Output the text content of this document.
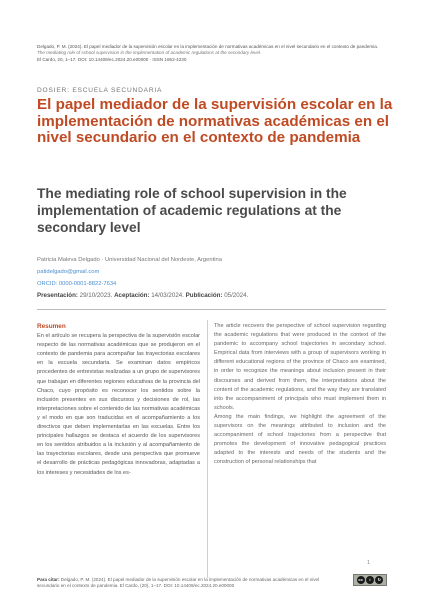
Delgado, P. M. (2024). El papel mediador de la supervisión escolar en la implementación de normativas académicas en el nivel secundario en el contexto de pandemia.
The mediating role of school supervision in the implementation of academic regulations at the secondary level.
El Cardo, 20, 1–17. DOI: 10.14409/ec.2024.20.e00000 · ISSN 1852-4230
DOSIER: ESCUELA SECUNDARIA
El papel mediador de la supervisión escolar en la implementación de normativas académicas en el nivel secundario en el contexto de pandemia
The mediating role of school supervision in the implementation of academic regulations at the secondary level
Patricia Maleva Delgado · Universidad Nacional del Nordeste, Argentina
patidelgado@gmail.com
ORCID: 0000-0001-8822-7634
Presentación: 29/10/2023. Aceptación: 14/03/2024. Publicación: 05/2024.
Resumen

En el artículo se recupera la perspectiva de la supervisión escolar respecto de las normativas académicas que se produjeron en el contexto de pandemia para acompañar las trayectorias escolares en la escuela secundaria. Se examinan datos empíricos procedentes de entrevistas realizadas a un grupo de supervisores que trabajan en diferentes regiones educativas de la provincia del Chaco, cuyo propósito es reconocer los sentidos sobre la inclusión presentes en sus discursos y decisiones de rol, las interpretaciones sobre el contenido de las normativas académicas y el modo en que son traducidas en el acompañamiento a los directivos que deben implementarlas en las escuelas. Entre los principales hallazgos se destaca el acuerdo de los supervisores en los sentidos atribuidos a la inclusión y al acompañamiento de las trayectorias escolares, desde una perspectiva que promueve el desarrollo de prácticas pedagógicas innovadoras, adaptadas a los intereses y necesidades de los es-

The article recovers the perspective of school supervision regarding the academic regulations that were produced in the context of the pandemic to accompany school trajectories in secondary school. Empirical data from interviews with a group of supervisors working in different educational regions of the province of Chaco are examined, in order to recognize the meanings about inclusion present in their discourses and derived from them, the interpretations about the content of the academic regulations, and the way they are translated into the accompaniment of principals who must implement them in schools.

Among the main findings, we highlight the agreement of the supervisors on the meanings attributed to inclusion and the accompaniment of school trajectories from a perspective that promotes the development of innovative pedagogical practices adapted to the interests and needs of the students and the construction of personal relationships that

1
Para citar: Delgado, P. M. (2024). El papel mediador de la supervisión escolar en la implementación de normativas académicas en el nivel secundario en el contexto de pandemia. El Cardo, (20), 1–17. DOI: 10.14409/ec.2024.20.e00000
cc	i	↻
